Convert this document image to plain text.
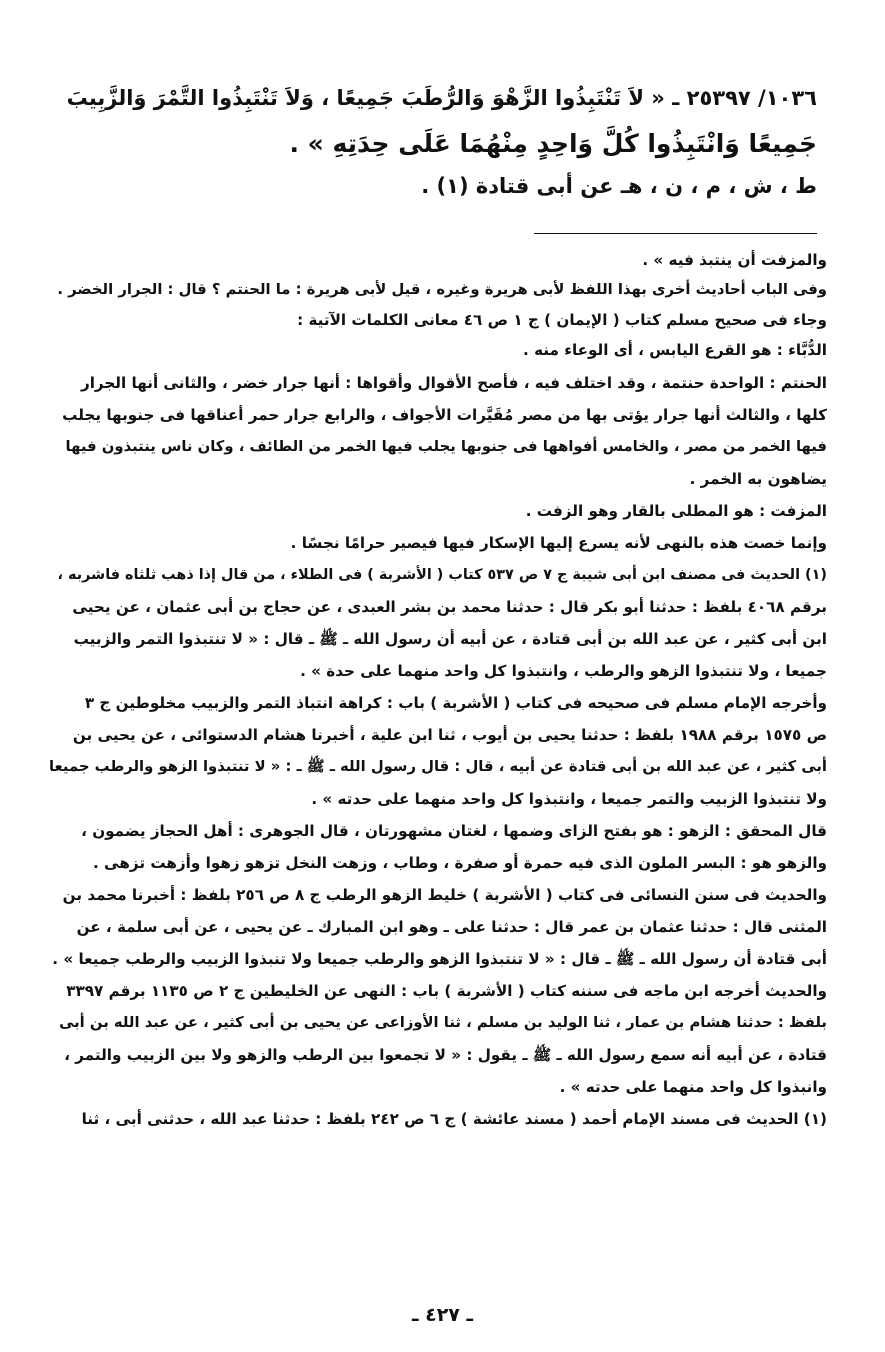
١٠٣٦/ ٢٥٣٩٧ ـ « لاَ تَنْتَبِذُوا الزَّهْوَ وَالرُّطَبَ جَمِيعًا ، وَلاَ تَنْتَبِذُوا التَّمْرَ وَالزَّبِيبَ

جَمِيعًا وَانْتَبِذُوا كُلَّ وَاحِدٍ مِنْهُمَا عَلَى حِدَتِهِ » .

ط ، ش ، م ، ن ، هـ عن أبى قتادة (١) .

والمزفت أن ينتبذ فيه » .

وفى الباب أحاديث أخرى بهذا اللفظ لأبى هريرة وغيره ، قيل لأبى هريرة : ما الحنتم ؟ قال : الجرار الخضر .

وجاء فى صحيح مسلم كتاب ( الإيمان ) ج ١ ص ٤٦ معانى الكلمات الآتية :

الدُّبَّاء : هو القرع اليابس ، أى الوعاء منه .

الحنتم : الواحدة حنتمة ، وقد اختلف فيه ، فأصح الأقوال وأقواها : أنها جرار خضر ، والثانى أنها الجرار

كلها ، والثالث أنها جرار يؤتى بها من مصر مُقَيَّرات الأجواف ، والرابع جرار حمر أعناقها فى جنوبها يجلب

فيها الخمر من مصر ، والخامس أفواهها فى جنوبها يجلب فيها الخمر من الطائف ، وكان ناس ينتبذون فيها

يضاهون به الخمر .

المزفت : هو المطلى بالقار وهو الزفت .

وإنما خصت هذه بالنهى لأنه يسرع إليها الإسكار فيها فيصير حرامًا نجسًا .

(١) الحديث فى مصنف ابن أبى شيبة ج ٧ ص ٥٣٧ كتاب ( الأشربة ) فى الطلاء ، من قال إذا ذهب ثلثاه فاشربه ،

برقم ٤٠٦٨ بلفظ : حدثنا أبو بكر قال : حدثنا محمد بن بشر العبدى ، عن حجاج بن أبى عثمان ، عن يحيى

ابن أبى كثير ، عن عبد الله بن أبى قتادة ، عن أبيه أن رسول الله ـ ﷺ ـ قال : « لا تنتبذوا التمر والزبيب

جميعا ، ولا تنتبذوا الزهو والرطب ، وانتبذوا كل واحد منهما على حدة » .

وأخرجه الإمام مسلم فى صحيحه فى كتاب ( الأشربة ) باب : كراهة انتباذ التمر والزبيب مخلوطين ج ٣

ص ١٥٧٥ برقم ١٩٨٨ بلفظ : حدثنا يحيى بن أيوب ، ثنا ابن علية ، أخبرنا هشام الدستوائى ، عن يحيى بن

أبى كثير ، عن عبد الله بن أبى قتادة عن أبيه ، قال : قال رسول الله ـ ﷺ ـ : « لا تنتبذوا الزهو والرطب جميعا

ولا تنتبذوا الزبيب والتمر جميعا ، وانتبذوا كل واحد منهما على حدته » .

قال المحقق : الزهو : هو بفتح الزاى وضمها ، لغتان مشهورتان ، قال الجوهرى : أهل الحجاز يضمون ،

والزهو هو : البسر الملون الذى فيه حمرة أو صفرة ، وطاب ، وزهت النخل تزهو زهوا وأزهت تزهى .

والحديث فى سنن النسائى فى كتاب ( الأشربة ) خليط الزهو الرطب ج ٨ ص ٢٥٦ بلفظ : أخبرنا محمد بن

المثنى قال : حدثنا عثمان بن عمر قال : حدثنا على ـ وهو ابن المبارك ـ عن يحيى ، عن أبى سلمة ، عن

أبى قتادة أن رسول الله ـ ﷺ ـ قال : « لا تنتبذوا الزهو والرطب جميعا ولا تنبذوا الزبيب والرطب جميعا » .

والحديث أخرجه ابن ماجه فى سننه كتاب ( الأشربة ) باب : النهى عن الخليطين ج ٢ ص ١١٣٥ برقم ٣٣٩٧

بلفظ : حدثنا هشام بن عمار ، ثنا الوليد بن مسلم ، ثنا الأوزاعى عن يحيى بن أبى كثير ، عن عبد الله بن أبى

قتادة ، عن أبيه أنه سمع رسول الله ـ ﷺ ـ يقول : « لا تجمعوا بين الرطب والزهو ولا بين الزبيب والتمر ،

وانبذوا كل واحد منهما على حدته » .

(١) الحديث فى مسند الإمام أحمد ( مسند عائشة ) ج ٦ ص ٢٤٢ بلفظ : حدثنا عبد الله ، حدثنى أبى ، ثنا

ـ ٤٢٧ ـ
